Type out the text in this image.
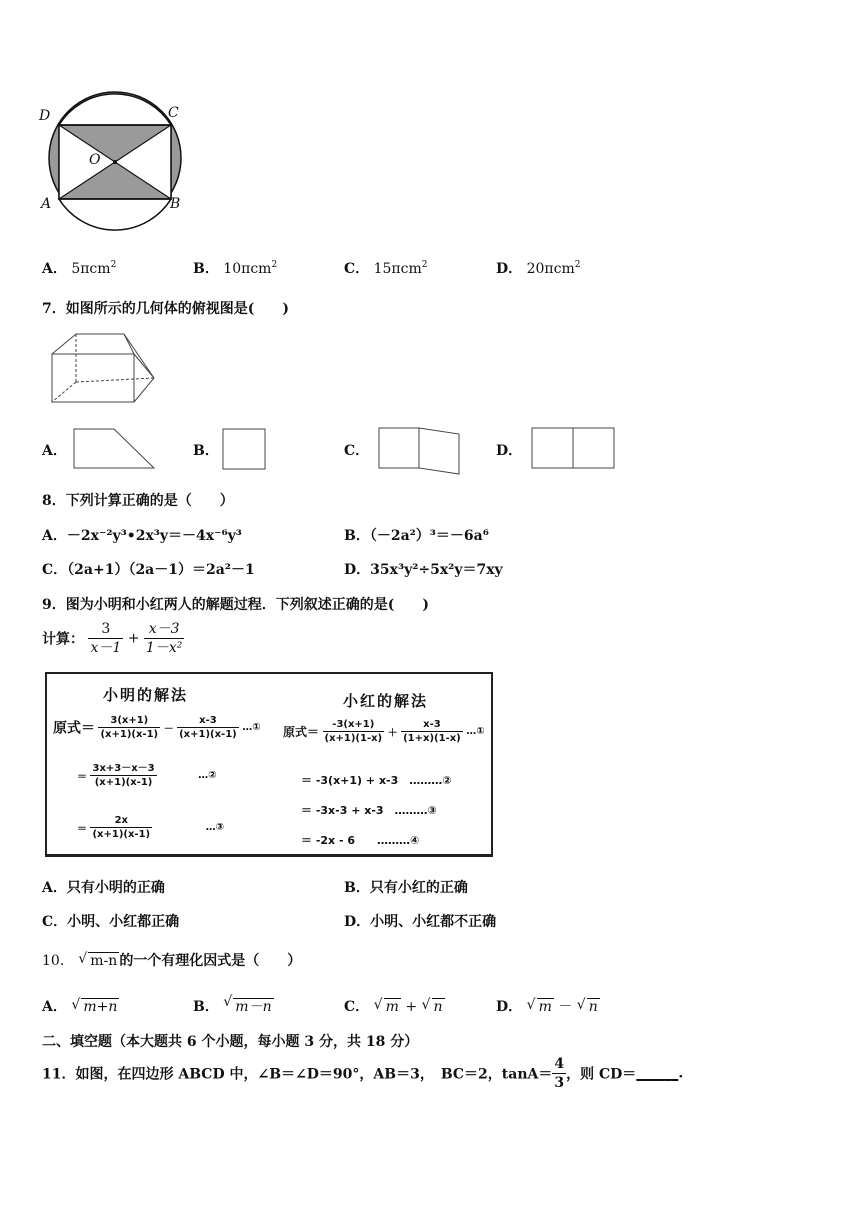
D	C
O
A	B
A． 5πcm$^2$	B． 10πcm$^2$	C． 15πcm$^2$	D． 20πcm$^2$
7．如图所示的几何体的俯视图是(　　)
A．	B．	C．	D．
8．下列计算正确的是（　　）
A．－2x⁻²y³•2x³y＝－4x⁻⁶y³	B．（－2a²）³＝－6a⁶
C．（2a+1）（2a－1）＝2a²－1	D．35x³y²÷5x²y＝7xy
9．图为小明和小红两人的解题过程．下列叙述正确的是(　　)
计算： $\frac{3}{x-1} + \frac{x-3}{\text{1－x²}}$
小明的解法
原式＝ $\frac{3(x+1)}{(x+1)(x-1)} - \frac{x-3}{(x+1)(x-1)}$ …①
＝ $\frac{3x+3-x-3}{(x+1)(x-1)}$	…②
＝ $\frac{2x}{(x+1)(x-1)}$	…③
小红的解法
原式＝ $\frac{-3(x+1)}{(x+1)(1-x)} + \frac{x-3}{(1+x)(1-x)}$ …①
＝ -3(x+1) + x-3　………②
＝ -3x-3 + x-3　………③
＝ -2x - 6　　………④
A．只有小明的正确	B．只有小红的正确
C．小明、小红都正确	D．小明、小红都不正确
10． √ m-n 的一个有理化因式是（　　）
A． √ m+n	B． √ m－n	C． √ m + √ n	D． √ m － √ n
二、填空题（本大题共 6 个小题，每小题 3 分，共 18 分）
11．如图，在四边形 ABCD 中，∠B＝∠D＝90°，AB＝3，　BC＝2，$\tan A= \frac{4}{3}$ ，则 CD＝______.
